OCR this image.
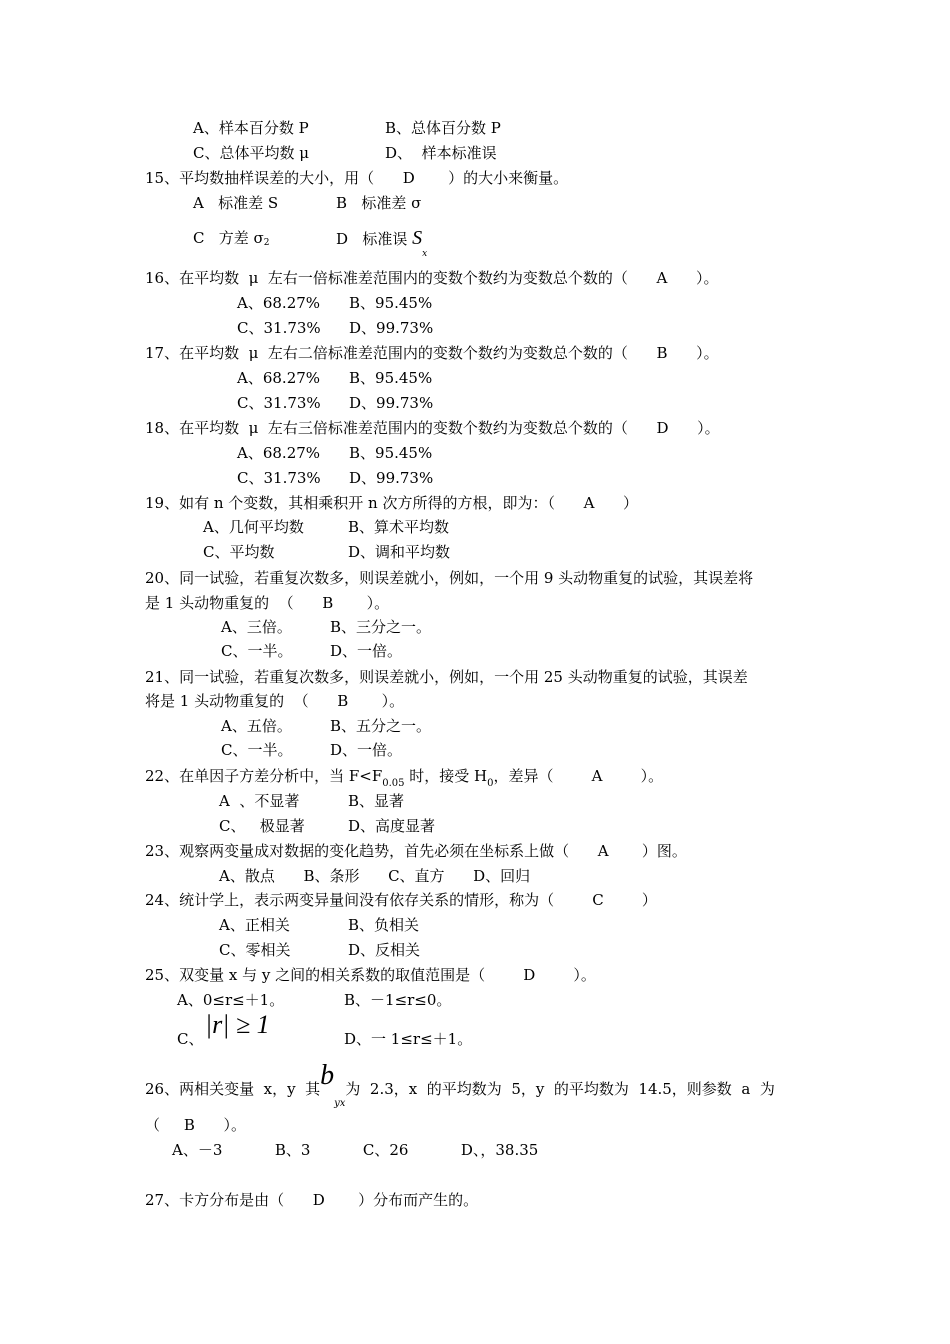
A、样本百分数 P	B、总体百分数 P
C、总体平均数 μ	D、  样本标准误
15、平均数抽样误差的大小，用（      D       ）的大小来衡量。
A   标准差 S	B   标准差 σ
C   方差 σ2	D   标准误 $S_x$
16、在平均数  μ  左右一倍标准差范围内的变数个数约为变数总个数的（      A      ）。
A、68.27% B、95.45%
C、31.73% D、99.73%
17、在平均数  μ  左右二倍标准差范围内的变数个数约为变数总个数的（      B      ）。
A、68.27% B、95.45%
C、31.73% D、99.73%
18、在平均数  μ  左右三倍标准差范围内的变数个数约为变数总个数的（      D      ）。
A、68.27% B、95.45%
C、31.73% D、99.73%
19、如有 n 个变数，其相乘积开 n 次方所得的方根，即为：（      A      ）
A、几何平均数	B、算术平均数
C、平均数	D、调和平均数
20、同一试验，若重复次数多，则误差就小，例如，一个用 9 头动物重复的试验，其误差将
是 1 头动物重复的  （      B       ）。
A、三倍。	B、三分之一。
C、一半。	D、一倍。
21、同一试验，若重复次数多，则误差就小，例如，一个用 25 头动物重复的试验，其误差
将是 1 头动物重复的  （      B       ）。
A、五倍。	B、五分之一。
C、一半。	D、一倍。
22、在单因子方差分析中，当 $F<F_{0.05}$ 时，接受 $H_0$，差异（        A        ）。
A  、不显著	B、显著
C、   极显著	D、高度显著
23、观察两变量成对数据的变化趋势，首先必须在坐标系上做（      A       ）图。
A、散点      B、条形      C、直方      D、回归
24、统计学上，表示两变异量间没有依存关系的情形，称为（        C        ）
A、正相关	B、负相关
C、零相关	D、反相关
25、双变量 x 与 y 之间的相关系数的取值范围是（        D        ）。
A、0≤r≤＋1。	B、－1≤r≤0。
C、 |r| ≥ 1	D、一 1≤r≤＋1。
26、两相关变量  x，y  其$b_{yx}$为  2.3，x  的平均数为  5，y  的平均数为  14.5，则参数  a  为
（     B      ）。
A、－3           B、3           C、26           D、，38.35
27、卡方分布是由（      D       ）分布而产生的。
